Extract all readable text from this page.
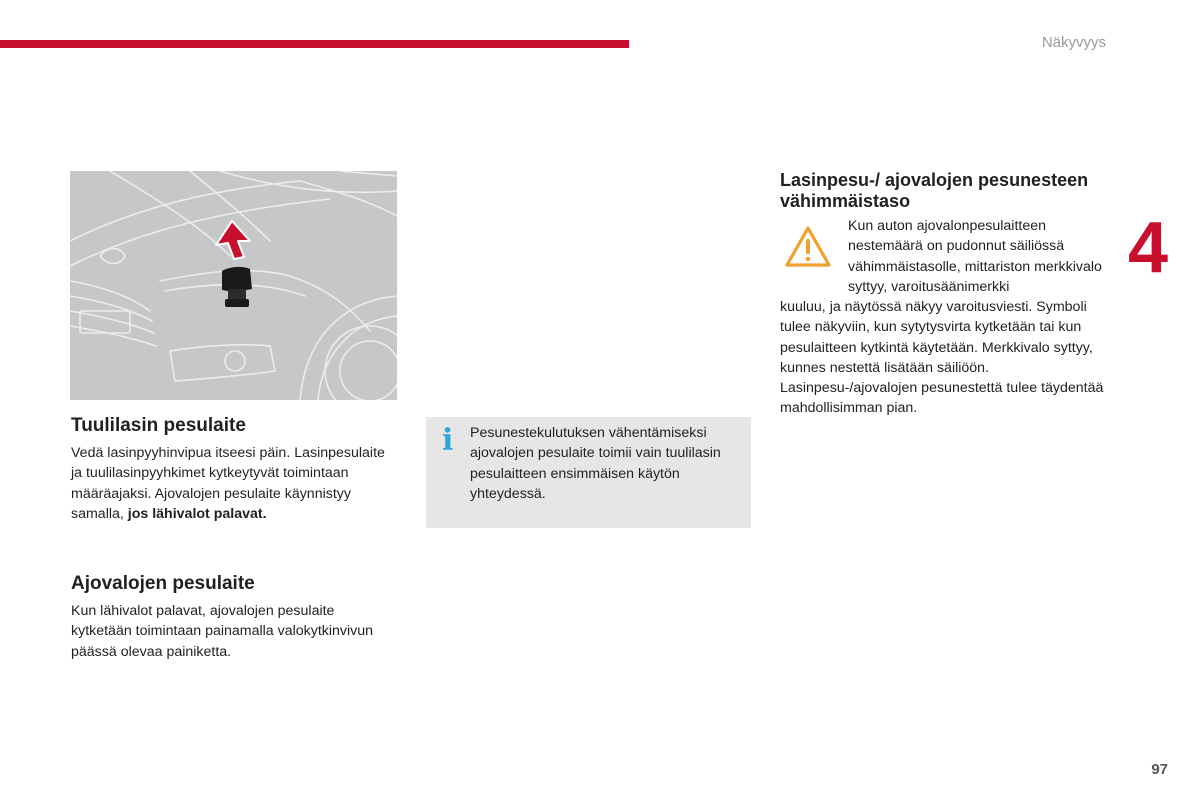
Näkyvyys
4
Tuulilasin pesulaite

Vedä lasinpyyhinvipua itseesi päin. Lasinpesulaite ja tuulilasinpyyhkimet kytkeytyvät toimintaan määräajaksi. Ajovalojen pesulaite käynnistyy samalla, jos lähivalot palavat.

Ajovalojen pesulaite

Kun lähivalot palavat, ajovalojen pesulaite kytketään toimintaan painamalla valokytkinvivun päässä olevaa painiketta.

i Pesunestekulutuksen vähentämiseksi ajovalojen pesulaite toimii vain tuulilasin pesulaitteen ensimmäisen käytön yhteydessä.

Lasinpesu-/ ajovalojen pesunesteen vähimmäistaso

Kun auton ajovalonpesulaitteen nestemäärä on pudonnut säiliössä vähimmäistasolle, mittariston merkkivalo syttyy, varoitusäänimerkki

kuuluu, ja näytössä näkyy varoitusviesti. Symboli tulee näkyviin, kun sytytysvirta kytketään tai kun pesulaitteen kytkintä käytetään. Merkkivalo syttyy, kunnes nestettä lisätään säiliöön. Lasinpesu-/ajovalojen pesunestettä tulee täydentää mahdollisimman pian.

97
